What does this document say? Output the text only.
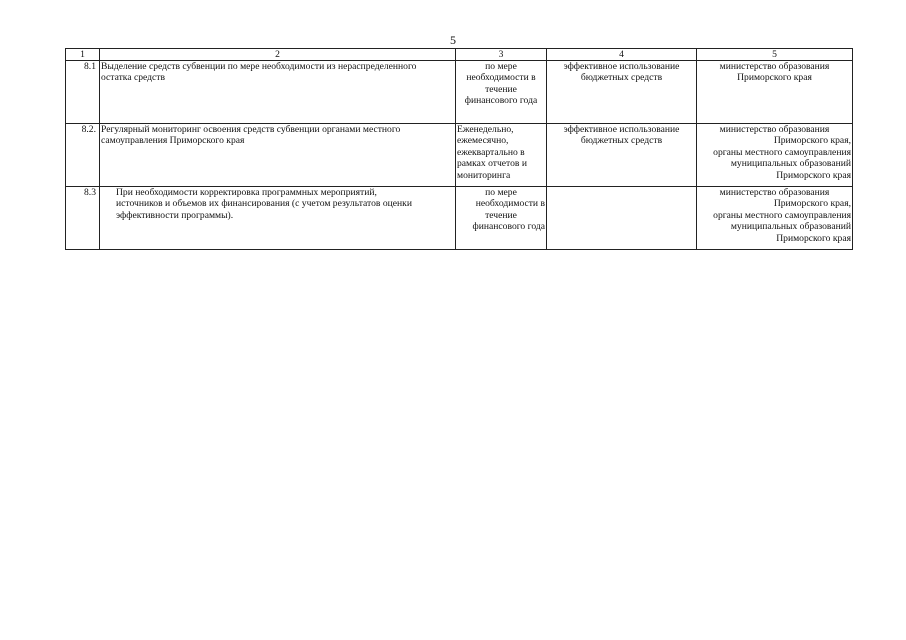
5
1	2	3	4	5
8.1	Выделение средств субвенции по мере необходимости из нераспределенного
остатка средств	по мере
необходимости в
течение
финансового года	эффективное использование
бюджетных средств	министерство образования
Приморского края

8.2.	Регулярный мониторинг освоения средств субвенции органами местного
самоуправления Приморского края	Еженедельно,
ежемесячно,
ежеквартально в
рамках отчетов и
мониторинга	эффективное использование
бюджетных средств	министерство образования
Приморского края,
органы местного самоуправления
муниципальных образований
Приморского края

8.3	При необходимости корректировка программных мероприятий,
источников и объемов их финансирования (с учетом результатов оценки
эффективности программы).	по мере
необходимости в
течение
финансового года		министерство образования
Приморского края,
органы местного самоуправления
муниципальных образований
Приморского края
